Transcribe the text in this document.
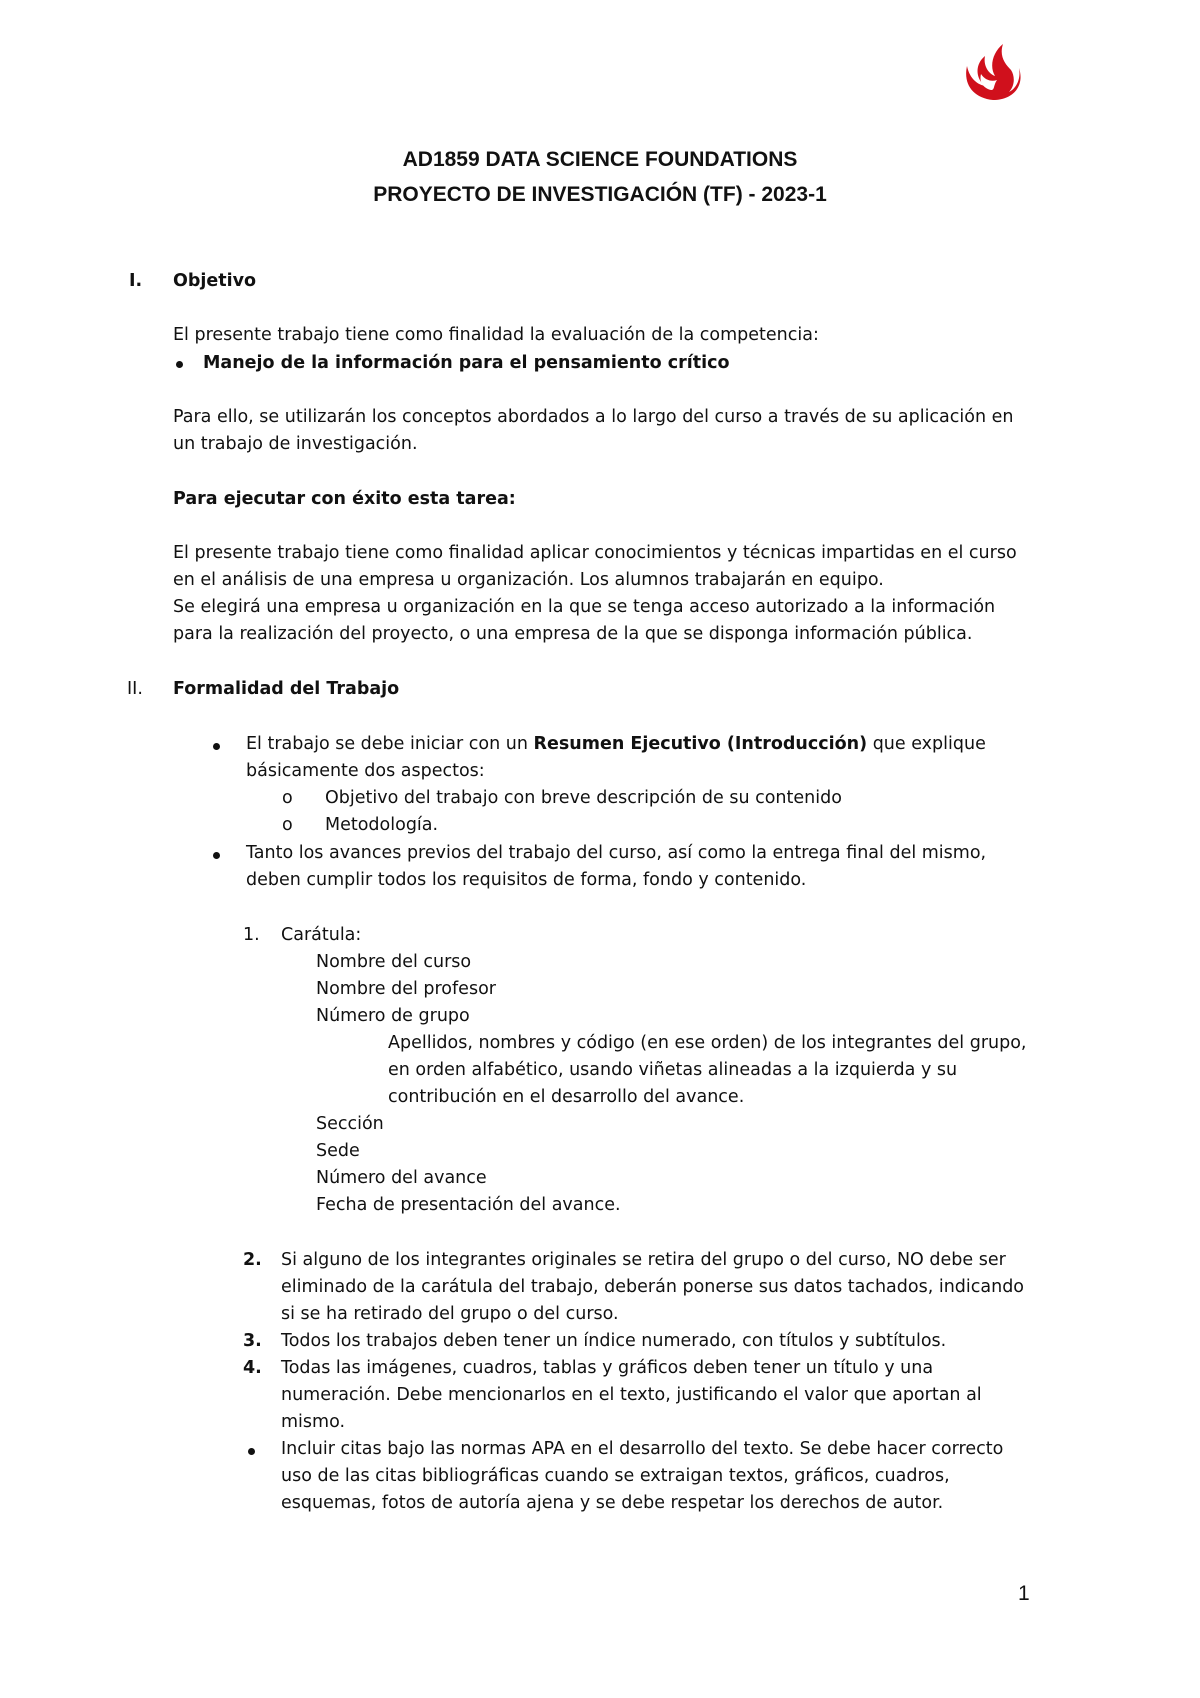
AD1859 DATA SCIENCE FOUNDATIONS
PROYECTO DE INVESTIGACIÓN (TF) - 2023-1
I. Objetivo
El presente trabajo tiene como finalidad la evaluación de la competencia:
Manejo de la información para el pensamiento crítico
Para ello, se utilizarán los conceptos abordados a lo largo del curso a través de su aplicación en
un trabajo de investigación.
Para ejecutar con éxito esta tarea:
El presente trabajo tiene como finalidad aplicar conocimientos y técnicas impartidas en el curso
en el análisis de una empresa u organización. Los alumnos trabajarán en equipo.
Se elegirá una empresa u organización en la que se tenga acceso autorizado a la información
para la realización del proyecto, o una empresa de la que se disponga información pública.
II. Formalidad del Trabajo
El trabajo se debe iniciar con un Resumen Ejecutivo (Introducción) que explique
básicamente dos aspectos:
o Objetivo del trabajo con breve descripción de su contenido
o Metodología.
Tanto los avances previos del trabajo del curso, así como la entrega final del mismo,
deben cumplir todos los requisitos de forma, fondo y contenido.
1. Carátula:
Nombre del curso
Nombre del profesor
Número de grupo
Apellidos, nombres y código (en ese orden) de los integrantes del grupo,
en orden alfabético, usando viñetas alineadas a la izquierda y su
contribución en el desarrollo del avance.
Sección
Sede
Número del avance
Fecha de presentación del avance.
2. Si alguno de los integrantes originales se retira del grupo o del curso, NO debe ser
eliminado de la carátula del trabajo, deberán ponerse sus datos tachados, indicando
si se ha retirado del grupo o del curso.
3. Todos los trabajos deben tener un índice numerado, con títulos y subtítulos.
4. Todas las imágenes, cuadros, tablas y gráficos deben tener un título y una
numeración. Debe mencionarlos en el texto, justificando el valor que aportan al
mismo.
Incluir citas bajo las normas APA en el desarrollo del texto. Se debe hacer correcto
uso de las citas bibliográficas cuando se extraigan textos, gráficos, cuadros,
esquemas, fotos de autoría ajena y se debe respetar los derechos de autor.
1
